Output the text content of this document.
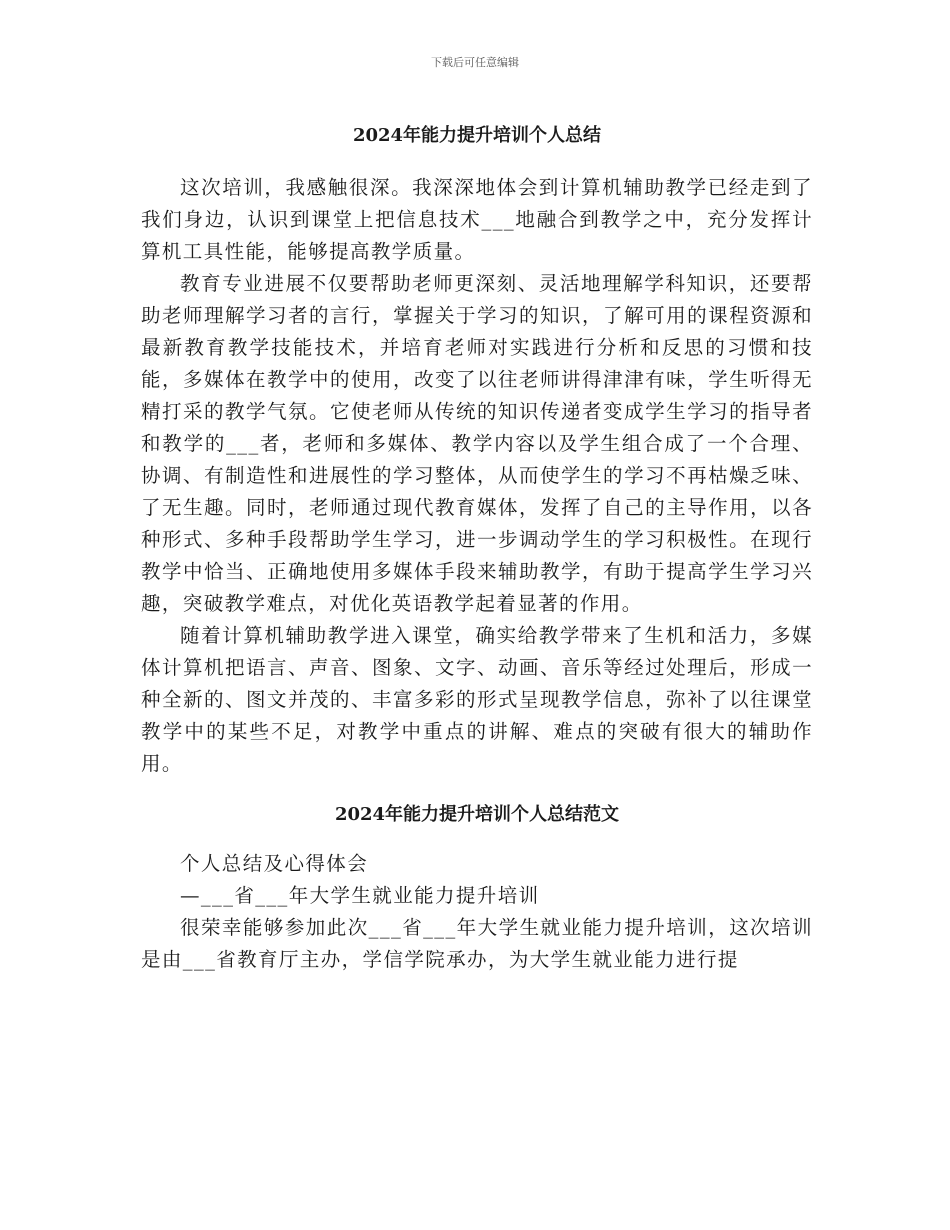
下载后可任意编辑
2024年能力提升培训个人总结

这次培训，我感触很深。我深深地体会到计算机辅助教学已经走到了我们身边，认识到课堂上把信息技术___地融合到教学之中，充分发挥计算机工具性能，能够提高教学质量。

教育专业进展不仅要帮助老师更深刻、灵活地理解学科知识，还要帮助老师理解学习者的言行，掌握关于学习的知识，了解可用的课程资源和最新教育教学技能技术，并培育老师对实践进行分析和反思的习惯和技能，多媒体在教学中的使用，改变了以往老师讲得津津有味，学生听得无精打采的教学气氛。它使老师从传统的知识传递者变成学生学习的指导者和教学的___者，老师和多媒体、教学内容以及学生组合成了一个合理、协调、有制造性和进展性的学习整体，从而使学生的学习不再枯燥乏味、了无生趣。同时，老师通过现代教育媒体，发挥了自己的主导作用，以各种形式、多种手段帮助学生学习，进一步调动学生的学习积极性。在现行教学中恰当、正确地使用多媒体手段来辅助教学，有助于提高学生学习兴趣，突破教学难点，对优化英语教学起着显著的作用。

随着计算机辅助教学进入课堂，确实给教学带来了生机和活力，多媒体计算机把语言、声音、图象、文字、动画、音乐等经过处理后，形成一种全新的、图文并茂的、丰富多彩的形式呈现教学信息，弥补了以往课堂教学中的某些不足，对教学中重点的讲解、难点的突破有很大的辅助作用。

2024年能力提升培训个人总结范文

个人总结及心得体会

—___省___年大学生就业能力提升培训

很荣幸能够参加此次___省___年大学生就业能力提升培训，这次培训是由___省教育厅主办，学信学院承办，为大学生就业能力进行提
